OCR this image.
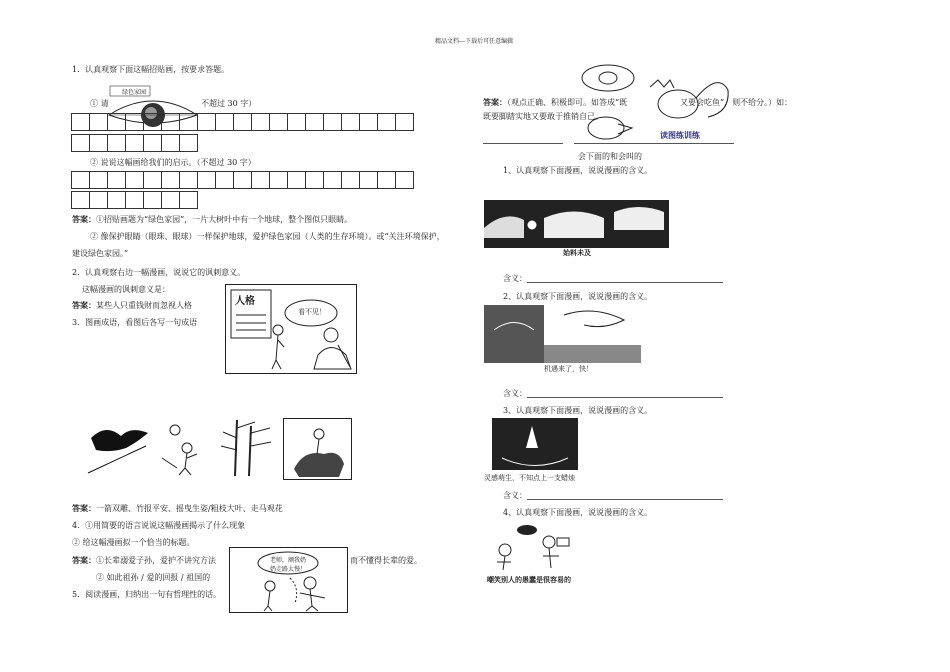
精品文档---下载后可任意编辑
1．认真观察下面这幅招贴画，按要求答题。
绿色家园
① 请	不超过 30 字）
② 说说这幅画给我们的启示。（不超过 30 字）
答案：①招贴画题为“绿色家园”，一片大树叶中有一个地球，整个图似只眼睛。
② 像保护眼睛（眼珠、眼球）一样保护地球，爱护绿色家园（人类的生存环境）。或“关注环境保护，
建设绿色家园。”
2．认真观察右边一幅漫画，说说它的讽刺意义。
这幅漫画的讽刺意义是：
答案：某些人只重钱财而忽视人格
3．图画成语，看图后各写一句成语
人格
看不见！
答案：一箭双雕、竹报平安、摇曳生姿/粗枝大叶、走马观花
4．①用简要的语言说说这幅漫画揭示了什么现象
② 给这幅漫画拟一个恰当的标题。
答案：①长辈溺爱子孙，爱护不讲究方法	而不懂得长辈的爱。
② 如此祖孙 / 爱的回报 / 祖国的
5．阅读漫画，归纳出一句有哲理性的话。
老师，额我奶奶走路太慢！
答案：（观点正确、积极即可。如答成“既	又要会吃鱼”，则不给分。）如：
既要脚踏实地又要敢于推销自己。
读图练训练
会下面的和会叫的
1、认真观察下面漫画，说说漫画的含义。
始料未及
含义：
2、认真观察下面漫画，说说漫画的含义。
机遇来了，快！
含义：
3、认真观察下面漫画，说说漫画的含义。
灵感萌生，不知点上一支蜡烛
含义：
4、认真观察下面漫画，说说漫画的含义。
嘲笑别人的愚蠢是很容易的
